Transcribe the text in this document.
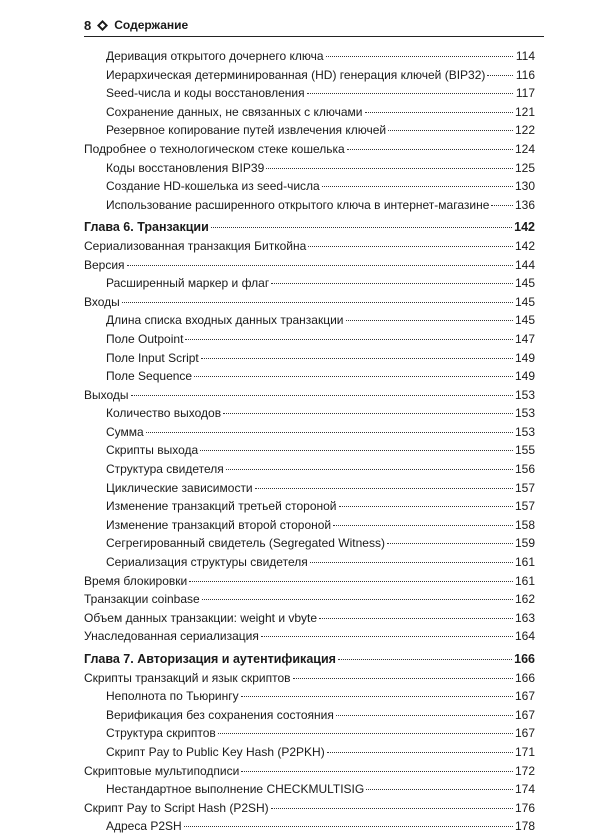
8 Содержание
Деривация открытого дочернего ключа	114
Иерархическая детерминированная (HD) генерация ключей (BIP32)	116
Seed-числа и коды восстановления	117
Сохранение данных, не связанных с ключами	121
Резервное копирование путей извлечения ключей	122
Подробнее о технологическом стеке кошелька	124
Коды восстановления BIP39	125
Создание HD-кошелька из seed-числа	130
Использование расширенного открытого ключа в интернет-магазине 136
Глава 6. Транзакции	142
Сериализованная транзакция Биткойна	142
Версия	144
Расширенный маркер и флаг	145
Входы	145
Длина списка входных данных транзакции	145
Поле Outpoint	147
Поле Input Script	149
Поле Sequence	149
Выходы	153
Количество выходов	153
Сумма	153
Скрипты выхода	155
Структура свидетеля	156
Циклические зависимости	157
Изменение транзакций третьей стороной	157
Изменение транзакций второй стороной	158
Сегрегированный свидетель (Segregated Witness)	159
Сериализация структуры свидетеля	161
Время блокировки	161
Транзакции coinbase	162
Объем данных транзакции: weight и vbyte	163
Унаследованная сериализация	164
Глава 7. Авторизация и аутентификация	166
Скрипты транзакций и язык скриптов	166
Неполнота по Тьюрингу	167
Верификация без сохранения состояния	167
Структура скриптов	167
Скрипт Pay to Public Key Hash (P2PKH)	171
Скриптовые мультиподписи	172
Нестандартное выполнение CHECKMULTISIG	174
Скрипт Pay to Script Hash (P2SH)	176
Адреса P2SH	178
